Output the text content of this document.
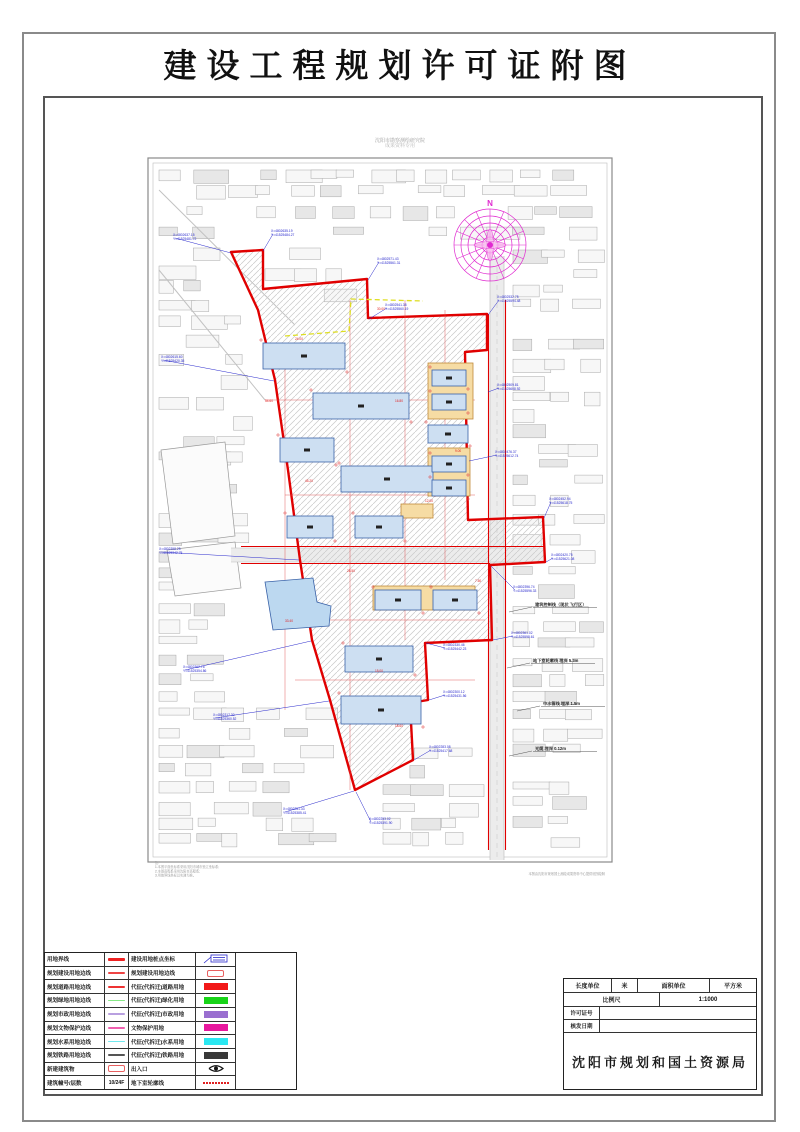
建设工程规划许可证附图
沈阳市勘察测绘研究院
成果资料专用
N
X=4802637.15
Y=41525481.72
X=4802635.19
Y=41525484.27
X=4802571.43
Y=41525561.31
X=4802615.60
Y=41525420.35
X=4802541.38
Y=41525560.19
X=4802532.75
Y=41525594.48
X=4802509.81
Y=41525608.92
X=4802476.37
Y=41525612.74
X=4802452.94
Y=41525618.75
X=4802420.75
Y=41525621.08
X=4802396.74
Y=41525596.33
X=4802361.02
Y=41525598.61
X=4802398.25
Y=41525342.75
X=4802362.78
Y=41525354.86
X=4802317.30
Y=41525360.52
X=4802283.08
Y=41525417.68
X=4802251.33
Y=41525385.41
X=4802253.02
Y=41525391.90
X=4802300.12
Y=41525431.56
X=4802330.46
Y=41525442.23
建筑控制线（现状 飞行区）
地下室轮廓线 埋深 5.3m
中水管线 埋深 1.5m
光缆 埋深 0.12m
24.00
30.00
54.60	16.80
45.20
12.00
28.50
33.40
15.00
18.60
9.00
7.50
注:
1.本图平面坐标系采用沈阳市城市独立坐标系;
2.本图高程系采用沈阳市高程系;
3.用地界线坐标以实测为准。	本图由沈阳市规划国土测绘成果资料中心提供底图绘制
用地界线	建设用地桩点坐标
规划建设用地边线	规划建设用地边线
规划道路用地边线	代征(代拆迁)道路用地
规划绿地用地边线	代征(代拆迁)绿化用地
规划市政用地边线	代征(代拆迁)市政用地
规划文物保护边线	文物保护用地
规划水系用地边线	代征(代拆迁)水系用地
规划铁路用地边线	代征(代拆迁)铁路用地
新建建筑物	出入口
建筑幢号/层数	10/24F 地下室轮廓线
长度单位	米	面积单位	平方米
比例尺	1:1000
许可证号
核发日期
沈阳市规划和国土资源局
